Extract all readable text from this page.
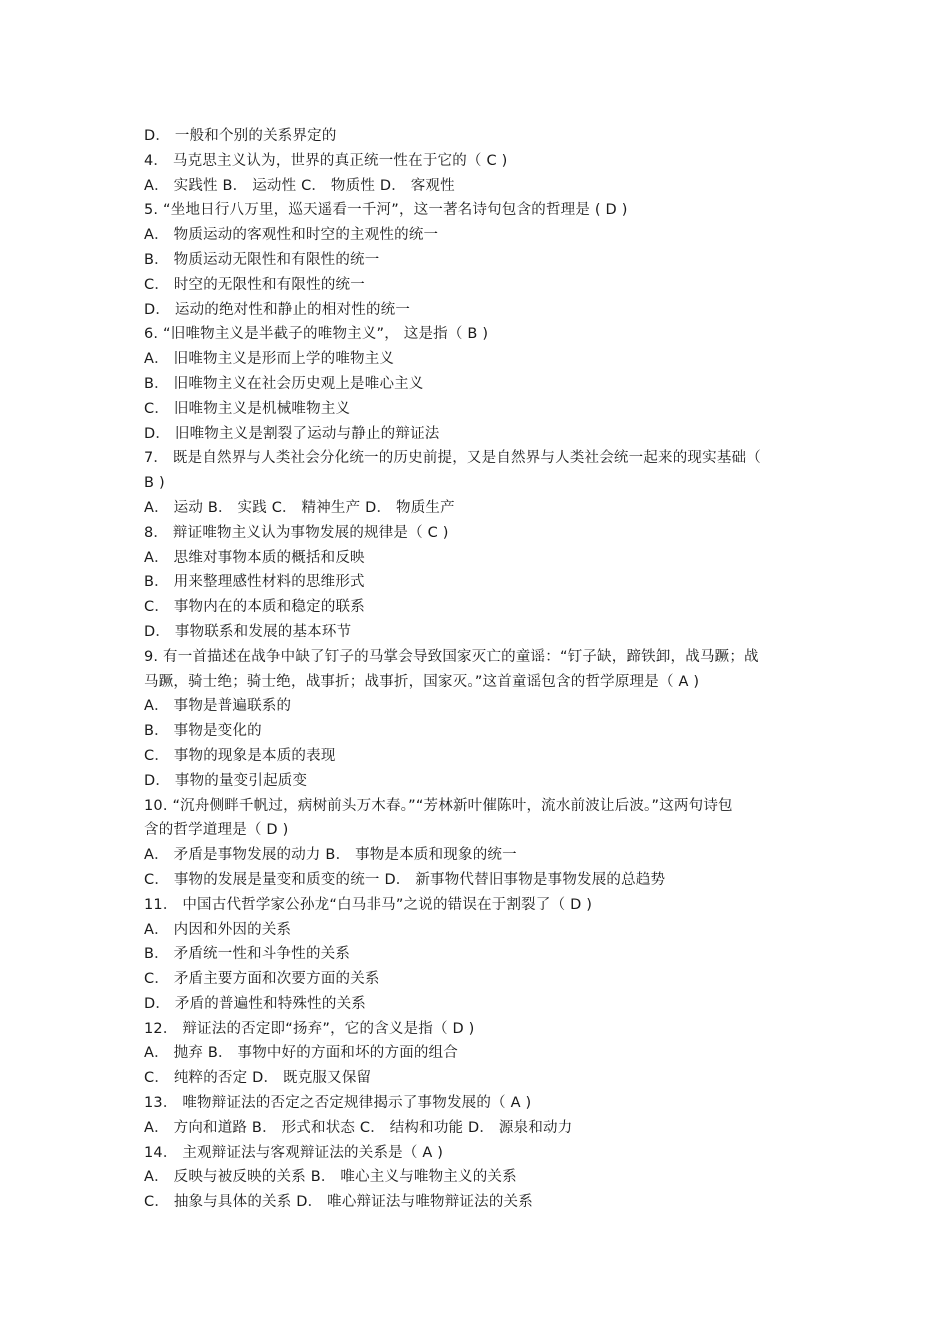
D． 一般和个别的关系界定的
4． 马克思主义认为，世界的真正统一性在于它的（ C )
A． 实践性 B． 运动性 C． 物质性 D． 客观性
5. “坐地日行八万里，巡天遥看一千河”，这一著名诗句包含的哲理是 ( D )
A． 物质运动的客观性和时空的主观性的统一
B． 物质运动无限性和有限性的统一
C． 时空的无限性和有限性的统一
D． 运动的绝对性和静止的相对性的统一
6. “旧唯物主义是半截子的唯物主义”， 这是指（ B )
A． 旧唯物主义是形而上学的唯物主义
B． 旧唯物主义在社会历史观上是唯心主义
C． 旧唯物主义是机械唯物主义
D． 旧唯物主义是割裂了运动与静止的辩证法
7． 既是自然界与人类社会分化统一的历史前提，又是自然界与人类社会统一起来的现实基础（
B )
A． 运动 B． 实践 C． 精神生产 D． 物质生产
8． 辩证唯物主义认为事物发展的规律是（ C )
A． 思维对事物本质的概括和反映
B． 用来整理感性材料的思维形式
C． 事物内在的本质和稳定的联系
D． 事物联系和发展的基本环节
9. 有一首描述在战争中缺了钉子的马掌会导致国家灭亡的童谣：“钉子缺，蹄铁卸，战马蹶；战
马蹶，骑士绝；骑士绝，战事折；战事折，国家灭。”这首童谣包含的哲学原理是（ A )
A． 事物是普遍联系的
B． 事物是变化的
C． 事物的现象是本质的表现
D． 事物的量变引起质变
10. “沉舟侧畔千帆过，病树前头万木春。”“芳林新叶催陈叶，流水前波让后波。”这两句诗包
含的哲学道理是（ D )
A． 矛盾是事物发展的动力 B． 事物是本质和现象的统一
C． 事物的发展是量变和质变的统一 D． 新事物代替旧事物是事物发展的总趋势
11． 中国古代哲学家公孙龙“白马非马”之说的错误在于割裂了（ D )
A． 内因和外因的关系
B． 矛盾统一性和斗争性的关系
C． 矛盾主要方面和次要方面的关系
D． 矛盾的普遍性和特殊性的关系
12． 辩证法的否定即“扬弃”，它的含义是指（ D )
A． 抛弃 B． 事物中好的方面和坏的方面的组合
C． 纯粹的否定 D． 既克服又保留
13． 唯物辩证法的否定之否定规律揭示了事物发展的（ A )
A． 方向和道路 B． 形式和状态 C． 结构和功能 D． 源泉和动力
14． 主观辩证法与客观辩证法的关系是（ A )
A． 反映与被反映的关系 B． 唯心主义与唯物主义的关系
C． 抽象与具体的关系 D． 唯心辩证法与唯物辩证法的关系
